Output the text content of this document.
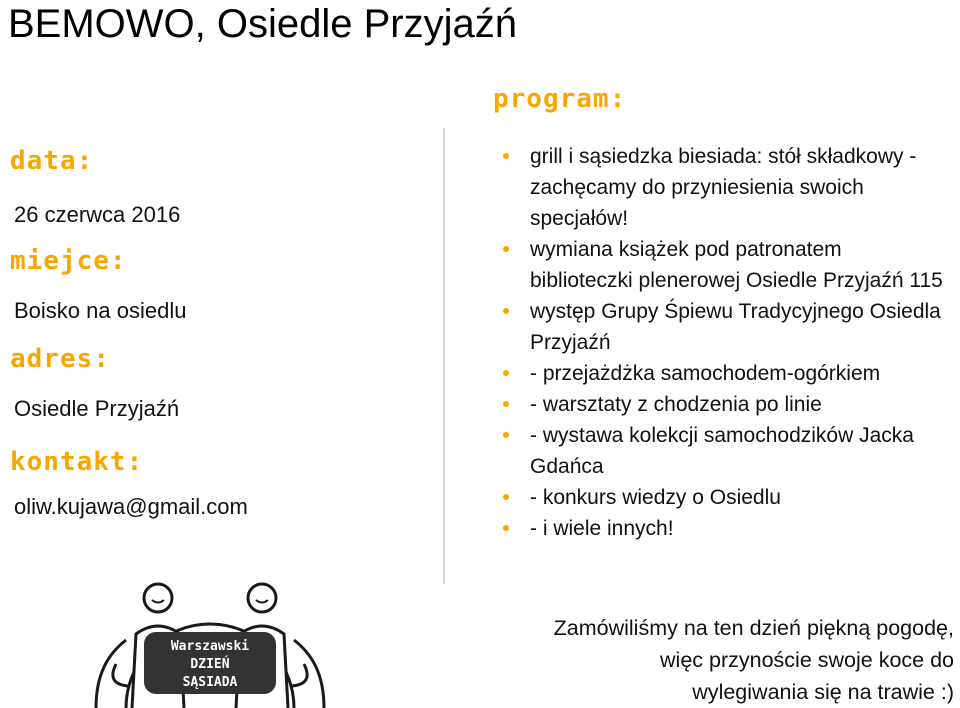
BEMOWO, Osiedle Przyjaźń
data:
26 czerwca 2016
miejce:
Boisko na osiedlu
adres:
Osiedle Przyjaźń
kontakt:
oliw.kujawa@gmail.com
program:
grill i sąsiedzka biesiada: stół składkowy - zachęcamy do przyniesienia swoich specjałów!
wymiana książek pod patronatem biblioteczki plenerowej Osiedle Przyjaźń 115
występ Grupy Śpiewu Tradycyjnego Osiedla Przyjaźń
- przejażdżka samochodem-ogórkiem
- warsztaty z chodzenia po linie
- wystawa kolekcji samochodzików Jacka Gdańca
- konkurs wiedzy o Osiedlu
- i wiele innych!
Zamówiliśmy na ten dzień piękną pogodę,
więc przynoście swoje koce do
wylegiwania się na trawie :)
Warszawski
DZIEŃ
SĄSIADA
